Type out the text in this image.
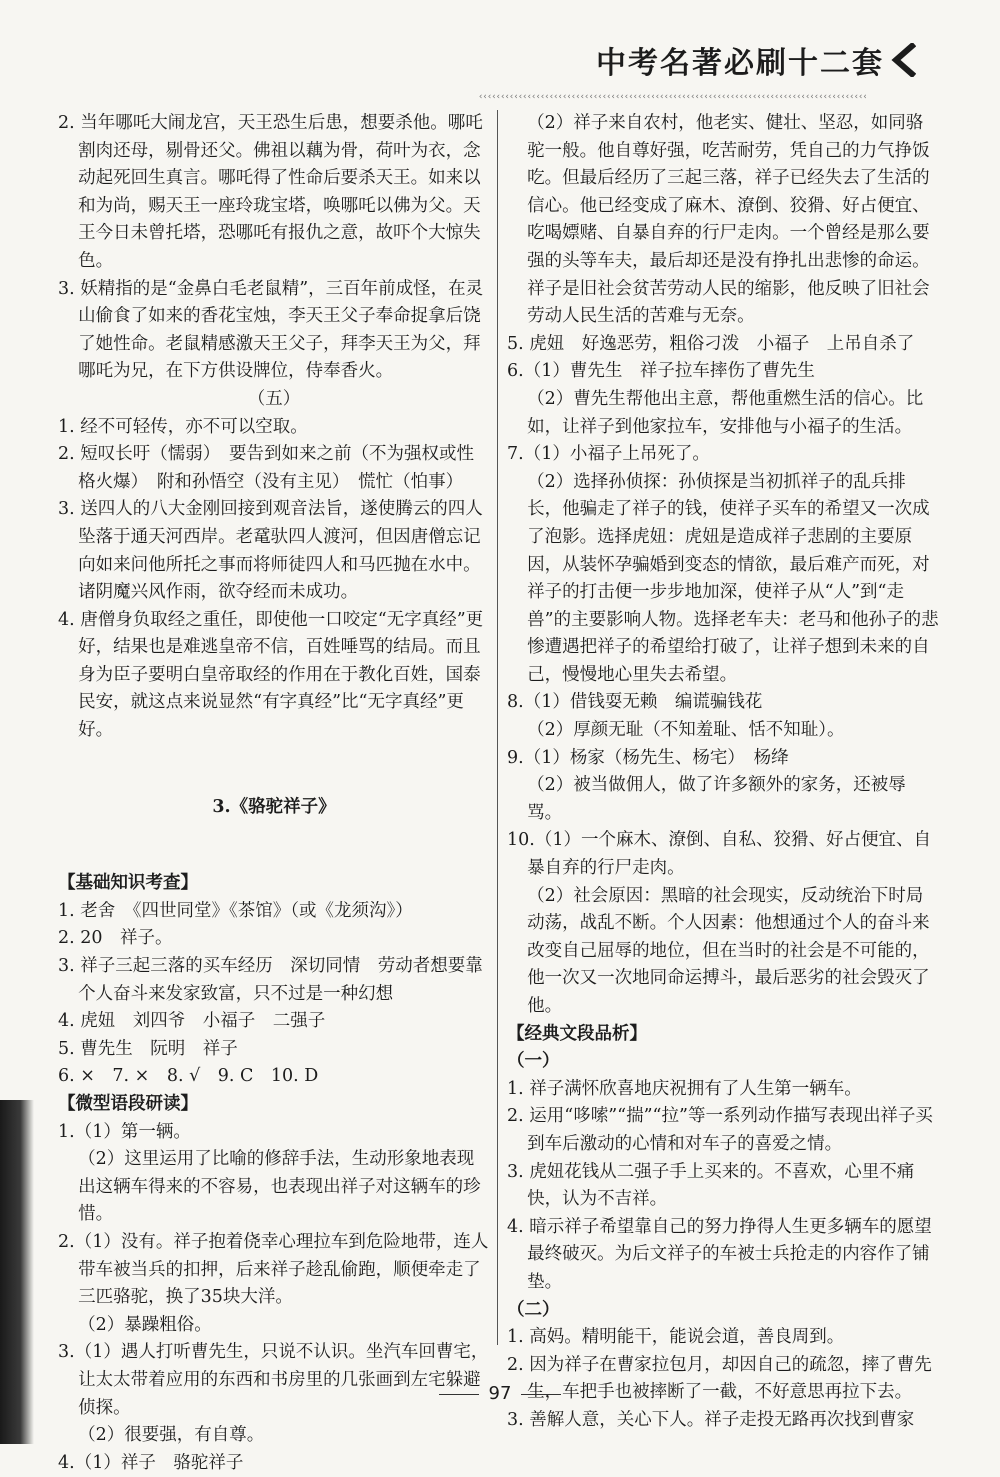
中考名著必刷十二套
‹‹‹‹‹‹‹‹‹‹‹‹‹‹‹‹‹‹‹‹‹‹‹‹‹‹‹‹‹‹‹‹‹‹‹‹‹‹‹‹‹‹‹‹‹‹‹‹‹‹‹‹‹‹‹‹‹‹‹‹‹‹‹‹‹‹‹‹‹‹‹‹‹‹‹‹‹‹‹‹‹‹‹‹‹‹‹‹

2. 当年哪吒大闹龙宫，天王恐生后患，想要杀他。哪吒割肉还母，剔骨还父。佛祖以藕为骨，荷叶为衣，念动起死回生真言。哪吒得了性命后要杀天王。如来以和为尚，赐天王一座玲珑宝塔，唤哪吒以佛为父。天王今日未曾托塔，恐哪吒有报仇之意，故吓个大惊失色。

3. 妖精指的是“金鼻白毛老鼠精”，三百年前成怪，在灵山偷食了如来的香花宝烛，李天王父子奉命捉拿后饶了她性命。老鼠精感激天王父子，拜李天王为父，拜哪吒为兄，在下方供设牌位，侍奉香火。

（五）

1. 经不可轻传，亦不可以空取。

2. 短叹长吁（懦弱）　要告到如来之前（不为强权或性格火爆）　附和孙悟空（没有主见）　慌忙（怕事）

3. 送四人的八大金刚回接到观音法旨，遂使腾云的四人坠落于通天河西岸。老鼋驮四人渡河，但因唐僧忘记向如来问他所托之事而将师徒四人和马匹抛在水中。诸阴魔兴风作雨，欲夺经而未成功。

4. 唐僧身负取经之重任，即使他一口咬定“无字真经”更好，结果也是难逃皇帝不信，百姓唾骂的结局。而且身为臣子要明白皇帝取经的作用在于教化百姓，国泰民安，就这点来说显然“有字真经”比“无字真经”更好。

3.《骆驼祥子》

【基础知识考查】

1. 老舍　《四世同堂》《茶馆》（或《龙须沟》）

2. 20　祥子。

3. 祥子三起三落的买车经历　深切同情　劳动者想要靠个人奋斗来发家致富，只不过是一种幻想

4. 虎妞　刘四爷　小福子　二强子

5. 曹先生　阮明　祥子

6. ×　7. ×　8. √　9. C　10. D

【微型语段研读】

1.（1）第一辆。

（2）这里运用了比喻的修辞手法，生动形象地表现出这辆车得来的不容易，也表现出祥子对这辆车的珍惜。

2.（1）没有。祥子抱着侥幸心理拉车到危险地带，连人带车被当兵的扣押，后来祥子趁乱偷跑，顺便牵走了三匹骆驼，换了35块大洋。

（2）暴躁粗俗。

3.（1）遇人打听曹先生，只说不认识。坐汽车回曹宅，让太太带着应用的东西和书房里的几张画到左宅躲避侦探。

（2）很要强，有自尊。

4.（1）祥子　骆驼祥子

（2）祥子来自农村，他老实、健壮、坚忍，如同骆驼一般。他自尊好强，吃苦耐劳，凭自己的力气挣饭吃。但最后经历了三起三落，祥子已经失去了生活的信心。他已经变成了麻木、潦倒、狡猾、好占便宜、吃喝嫖赌、自暴自弃的行尸走肉。一个曾经是那么要强的头等车夫，最后却还是没有挣扎出悲惨的命运。祥子是旧社会贫苦劳动人民的缩影，他反映了旧社会劳动人民生活的苦难与无奈。

5. 虎妞　好逸恶劳，粗俗刁泼　小福子　上吊自杀了

6.（1）曹先生　祥子拉车摔伤了曹先生

（2）曹先生帮他出主意，帮他重燃生活的信心。比如，让祥子到他家拉车，安排他与小福子的生活。

7.（1）小福子上吊死了。

（2）选择孙侦探：孙侦探是当初抓祥子的乱兵排长，他骗走了祥子的钱，使祥子买车的希望又一次成了泡影。选择虎妞：虎妞是造成祥子悲剧的主要原因，从装怀孕骗婚到变态的情欲，最后难产而死，对祥子的打击便一步步地加深，使祥子从“人”到“走兽”的主要影响人物。选择老车夫：老马和他孙子的悲惨遭遇把祥子的希望给打破了，让祥子想到未来的自己，慢慢地心里失去希望。

8.（1）借钱耍无赖　编谎骗钱花

（2）厚颜无耻（不知羞耻、恬不知耻）。

9.（1）杨家（杨先生、杨宅）　杨绛

（2）被当做佣人，做了许多额外的家务，还被辱骂。

10.（1）一个麻木、潦倒、自私、狡猾、好占便宜、自暴自弃的行尸走肉。

（2）社会原因：黑暗的社会现实，反动统治下时局动荡，战乱不断。个人因素：他想通过个人的奋斗来改变自己屈辱的地位，但在当时的社会是不可能的，他一次又一次地同命运搏斗，最后恶劣的社会毁灭了他。

【经典文段品析】

（一）

1. 祥子满怀欣喜地庆祝拥有了人生第一辆车。

2. 运用“哆嗦”“揣”“拉”等一系列动作描写表现出祥子买到车后激动的心情和对车子的喜爱之情。

3. 虎妞花钱从二强子手上买来的。不喜欢，心里不痛快，认为不吉祥。

4. 暗示祥子希望靠自己的努力挣得人生更多辆车的愿望最终破灭。为后文祥子的车被士兵抢走的内容作了铺垫。

（二）

1. 高妈。精明能干，能说会道，善良周到。

2. 因为祥子在曹家拉包月，却因自己的疏忽，摔了曹先生，车把手也被摔断了一截，不好意思再拉下去。

3. 善解人意，关心下人。祥子走投无路再次找到曹家

97
